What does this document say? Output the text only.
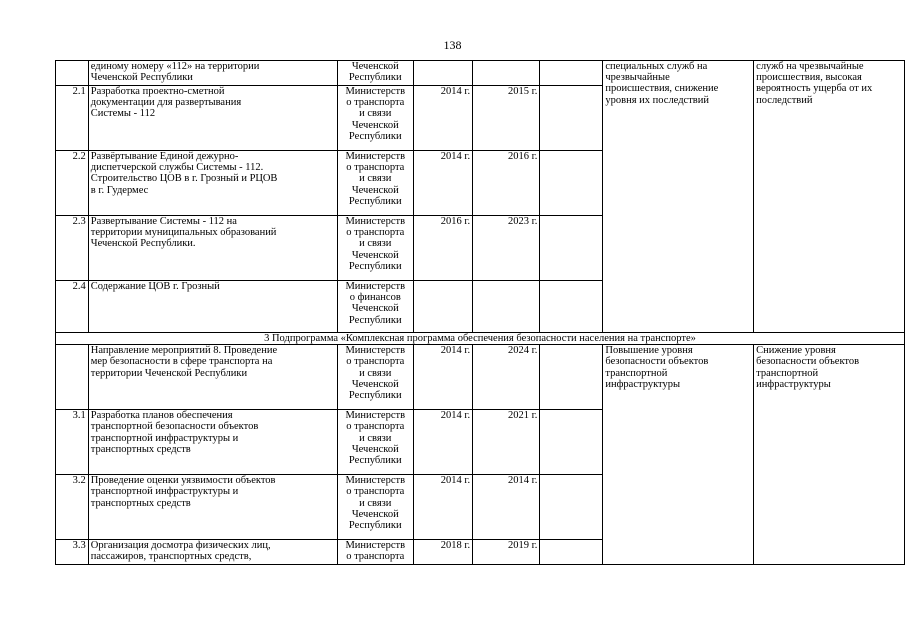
138
	единому номеру «112» на территории
Чеченской Республики	Чеченской
Республики				специальных служб на
чрезвычайные
происшествия, снижение
уровня их последствий	служб на чрезвычайные
происшествия, высокая
вероятность ущерба от их
последствий
2.1	Разработка проектно-сметной
документации для развертывания
Системы - 112	Министерств
о транспорта
и связи
Чеченской
Республики	2014 г.	2015 г.			
2.2	Развёртывание Единой дежурно-
диспетчерской службы Системы - 112.
Строительство ЦОВ в г. Грозный и РЦОВ
в г. Гудермес	Министерств
о транспорта
и связи
Чеченской
Республики	2014 г.	2016 г.			
2.3	Развертывание Системы - 112 на
территории муниципальных образований
Чеченской Республики.	Министерств
о транспорта
и связи
Чеченской
Республики	2016 г.	2023 г.			
2.4	Содержание ЦОВ г. Грозный	Министерств
о финансов
Чеченской
Республики					
3 Подпрограмма «Комплексная программа обеспечения безопасности населения на транспорте»							
	Направление мероприятий 8. Проведение
мер безопасности в сфере транспорта на
территории Чеченской Республики	Министерств
о транспорта
и связи
Чеченской
Республики	2014 г.	2024 г.		Повышение уровня
безопасности объектов
транспортной
инфраструктуры	Снижение уровня
безопасности объектов
транспортной
инфраструктуры
3.1	Разработка планов обеспечения
транспортной безопасности объектов
транспортной инфраструктуры и
транспортных средств	Министерств
о транспорта
и связи
Чеченской
Республики	2014 г.	2021 г.			
3.2	Проведение оценки уязвимости объектов
транспортной инфраструктуры и
транспортных средств	Министерств
о транспорта
и связи
Чеченской
Республики	2014 г.	2014 г.			
3.3	Организация досмотра физических лиц,
пассажиров, транспортных средств,	Министерств
о транспорта	2018 г.	2019 г.			
